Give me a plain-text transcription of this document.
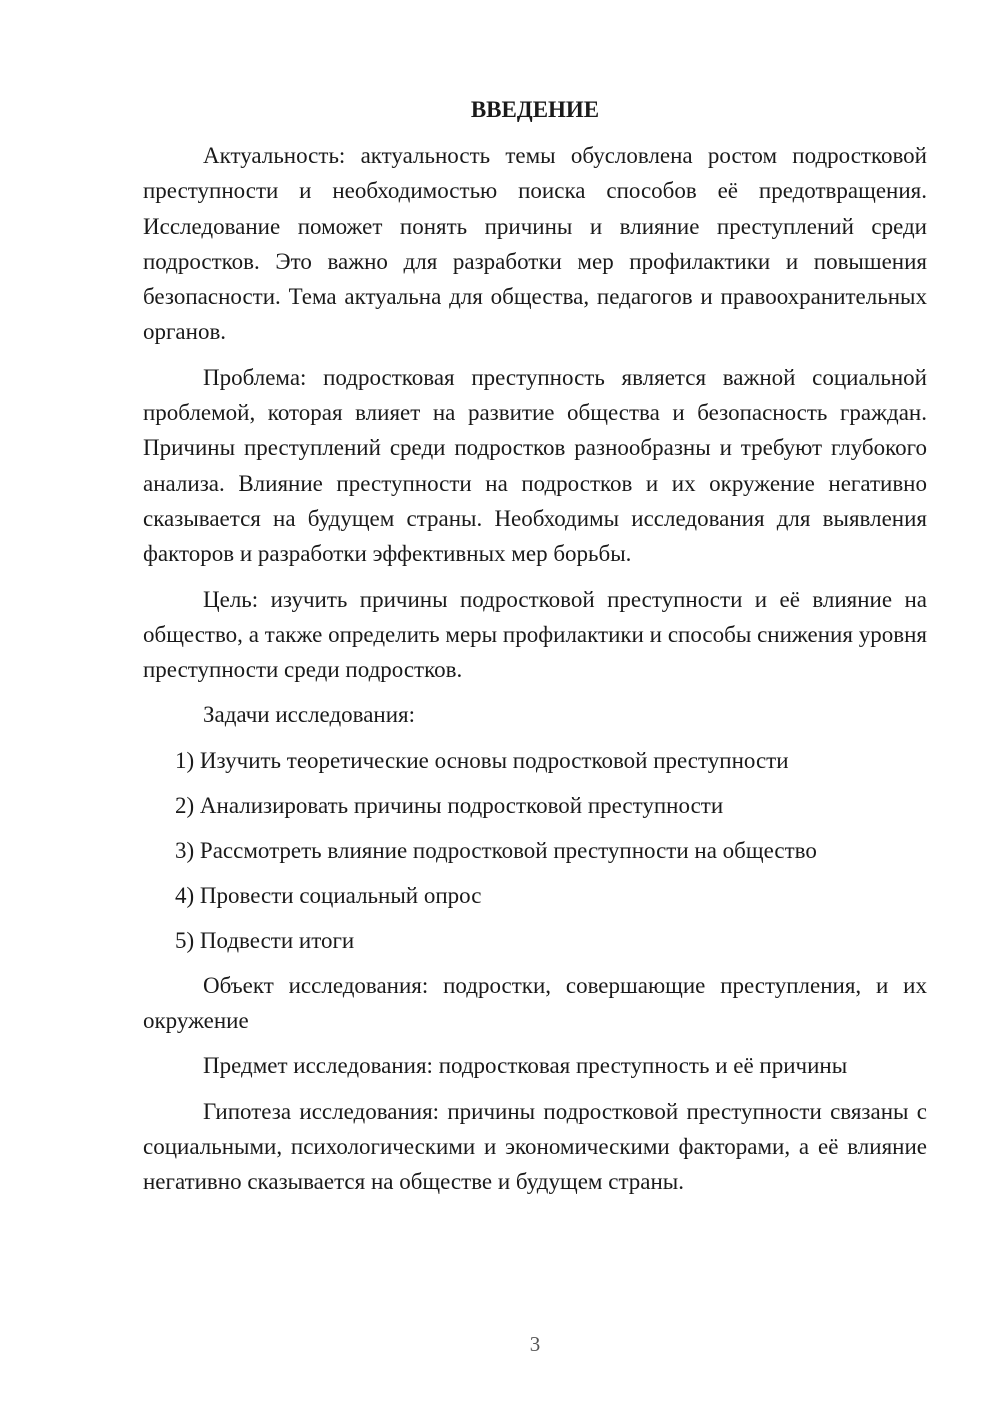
ВВЕДЕНИЕ

Актуальность: актуальность темы обусловлена ростом подростковой преступности и необходимостью поиска способов её предотвращения. Исследование поможет понять причины и влияние преступлений среди подростков. Это важно для разработки мер профилактики и повышения безопасности. Тема актуальна для общества, педагогов и правоохранительных органов.

Проблема: подростковая преступность является важной социальной проблемой, которая влияет на развитие общества и безопасность граждан. Причины преступлений среди подростков разнообразны и требуют глубокого анализа. Влияние преступности на подростков и их окружение негативно сказывается на будущем страны. Необходимы исследования для выявления факторов и разработки эффективных мер борьбы.

Цель: изучить причины подростковой преступности и её влияние на общество, а также определить меры профилактики и способы снижения уровня преступности среди подростков.

Задачи исследования:

1) Изучить теоретические основы подростковой преступности
2) Анализировать причины подростковой преступности
3) Рассмотреть влияние подростковой преступности на общество
4) Провести социальный опрос
5) Подвести итоги

Объект исследования: подростки, совершающие преступления, и их окружение

Предмет исследования: подростковая преступность и её причины

Гипотеза исследования: причины подростковой преступности связаны с социальными, психологическими и экономическими факторами, а её влияние негативно сказывается на обществе и будущем страны.

3
